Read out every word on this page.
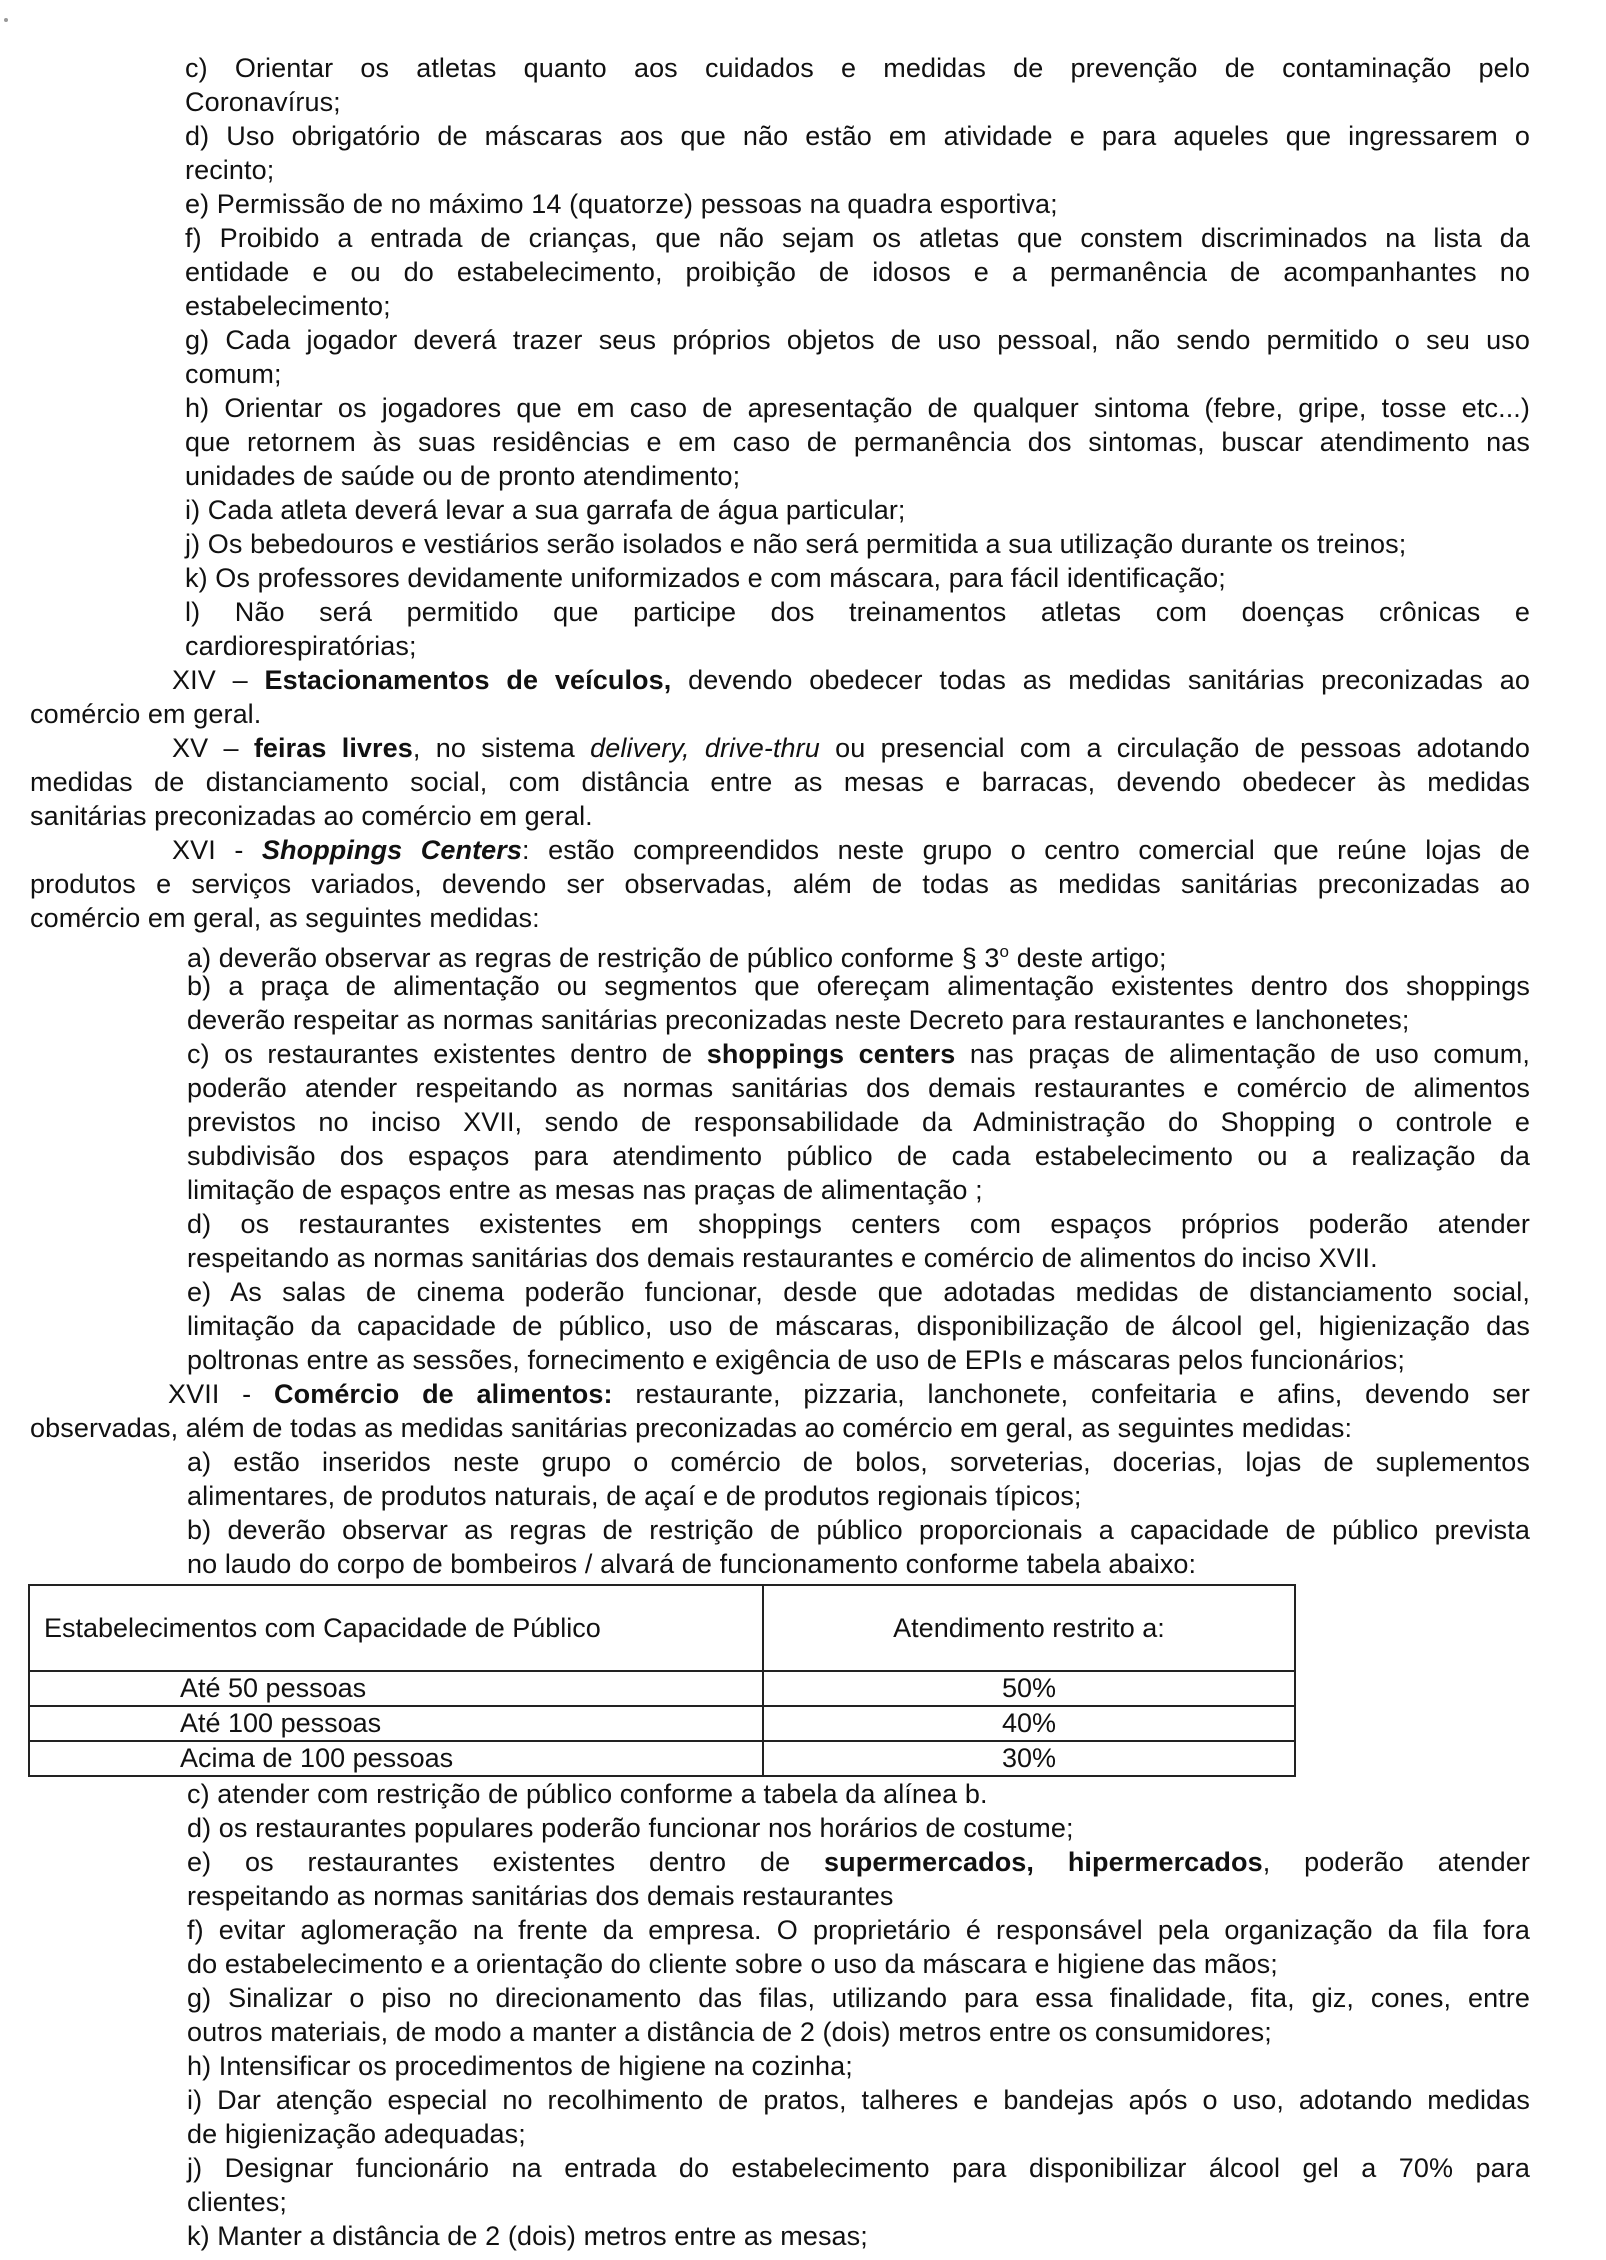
c) Orientar os atletas quanto aos cuidados e medidas de prevenção de contaminação pelo
Coronavírus;
d) Uso obrigatório de máscaras aos que não estão em atividade e para aqueles que ingressarem o
recinto;
e) Permissão de no máximo 14 (quatorze) pessoas na quadra esportiva;
f) Proibido a entrada de crianças, que não sejam os atletas que constem discriminados na lista da
entidade e ou do estabelecimento, proibição de idosos e a permanência de acompanhantes no
estabelecimento;
g) Cada jogador deverá trazer seus próprios objetos de uso pessoal, não sendo permitido o seu uso
comum;
h) Orientar os jogadores que em caso de apresentação de qualquer sintoma (febre, gripe, tosse etc...)
que retornem às suas residências e em caso de permanência dos sintomas, buscar atendimento nas
unidades de saúde ou de pronto atendimento;
i) Cada atleta deverá levar a sua garrafa de água particular;
j) Os bebedouros e vestiários serão isolados e não será permitida a sua utilização durante os treinos;
k) Os professores devidamente uniformizados e com máscara, para fácil identificação;
l) Não será permitido que participe dos treinamentos atletas com doenças crônicas e
cardiorespiratórias;
XIV – Estacionamentos de veículos, devendo obedecer todas as medidas sanitárias preconizadas ao
comércio em geral.
XV – feiras livres, no sistema delivery, drive-thru ou presencial com a circulação de pessoas adotando
medidas de distanciamento social, com distância entre as mesas e barracas, devendo obedecer às medidas
sanitárias preconizadas ao comércio em geral.
XVI - Shoppings Centers: estão compreendidos neste grupo o centro comercial que reúne lojas de
produtos e serviços variados, devendo ser observadas, além de todas as medidas sanitárias preconizadas ao
comércio em geral, as seguintes medidas:
a) deverão observar as regras de restrição de público conforme § 3$^o$ deste artigo;
b) a praça de alimentação ou segmentos que ofereçam alimentação existentes dentro dos shoppings
deverão respeitar as normas sanitárias preconizadas neste Decreto para restaurantes e lanchonetes;
c) os restaurantes existentes dentro de shoppings centers nas praças de alimentação de uso comum,
poderão atender respeitando as normas sanitárias dos demais restaurantes e comércio de alimentos
previstos no inciso XVII, sendo de responsabilidade da Administração do Shopping o controle e
subdivisão dos espaços para atendimento público de cada estabelecimento ou a realização da
limitação de espaços entre as mesas nas praças de alimentação ;
d) os restaurantes existentes em shoppings centers com espaços próprios poderão atender
respeitando as normas sanitárias dos demais restaurantes e comércio de alimentos do inciso XVII.
e) As salas de cinema poderão funcionar, desde que adotadas medidas de distanciamento social,
limitação da capacidade de público, uso de máscaras, disponibilização de álcool gel, higienização das
poltronas entre as sessões, fornecimento e exigência de uso de EPIs e máscaras pelos funcionários;
XVII - Comércio de alimentos: restaurante, pizzaria, lanchonete, confeitaria e afins, devendo ser
observadas, além de todas as medidas sanitárias preconizadas ao comércio em geral, as seguintes medidas:
a) estão inseridos neste grupo o comércio de bolos, sorveterias, docerias, lojas de suplementos
alimentares, de produtos naturais, de açaí e de produtos regionais típicos;
b) deverão observar as regras de restrição de público proporcionais a capacidade de público prevista
no laudo do corpo de bombeiros / alvará de funcionamento conforme tabela abaixo:
Estabelecimentos com Capacidade de Público	Atendimento restrito a:
Até 50 pessoas	50%
Até 100 pessoas	40%
Acima de 100 pessoas	30%
c) atender com restrição de público conforme a tabela da alínea b.
d) os restaurantes populares poderão funcionar nos horários de costume;
e) os restaurantes existentes dentro de supermercados, hipermercados, poderão atender
respeitando as normas sanitárias dos demais restaurantes
f) evitar aglomeração na frente da empresa. O proprietário é responsável pela organização da fila fora
do estabelecimento e a orientação do cliente sobre o uso da máscara e higiene das mãos;
g) Sinalizar o piso no direcionamento das filas, utilizando para essa finalidade, fita, giz, cones, entre
outros materiais, de modo a manter a distância de 2 (dois) metros entre os consumidores;
h) Intensificar os procedimentos de higiene na cozinha;
i) Dar atenção especial no recolhimento de pratos, talheres e bandejas após o uso, adotando medidas
de higienização adequadas;
j) Designar funcionário na entrada do estabelecimento para disponibilizar álcool gel a 70% para
clientes;
k) Manter a distância de 2 (dois) metros entre as mesas;
